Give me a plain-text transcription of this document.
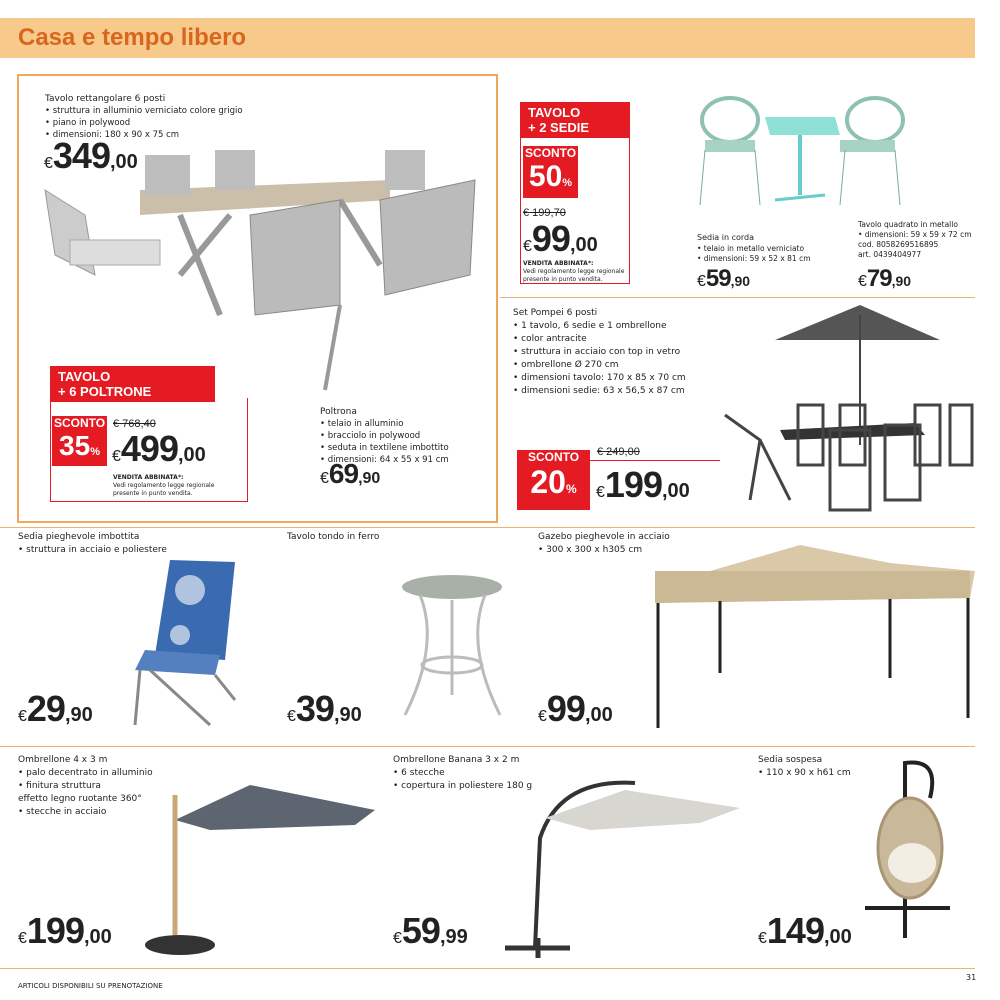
Casa e tempo libero
Tavolo rettangolare 6 posti
• struttura in alluminio verniciato colore grigio
• piano in polywood
• dimensioni: 180 x 90 x 75 cm
€349,00
TAVOLO
+ 6 POLTRONE
SCONTO
35%
€ 768,40
€499,00
VENDITA ABBINATA*:
Vedi regolamento legge regionale
presente in punto vendita.
Poltrona
• telaio in alluminio
• bracciolo in polywood
• seduta in textilene imbottito
• dimensioni: 64 x 55 x 91 cm
€69,90
TAVOLO
+ 2 SEDIE
SCONTO
50%
€ 199,70
€99,00
VENDITA ABBINATA*:
Vedi regolamento legge regionale
presente in punto vendita.
Sedia in corda
• telaio in metallo verniciato
• dimensioni: 59 x 52 x 81 cm
€59,90
Tavolo quadrato in metallo
• dimensioni: 59 x 59 x 72 cm
cod. 8058269516895
art. 0439404977
€79,90
Set Pompei 6 posti
• 1 tavolo, 6 sedie e 1 ombrellone
• color antracite
• struttura in acciaio con top in vetro
• ombrellone Ø 270 cm
• dimensioni tavolo: 170 x 85 x 70 cm
• dimensioni sedie: 63 x 56,5 x 87 cm
SCONTO
20%
€ 249,00
€199,00
Sedia pieghevole imbottita
• struttura in acciaio e poliestere
€29,90
Tavolo tondo in ferro
€39,90
Gazebo pieghevole in acciaio
• 300 x 300 x h305 cm
€99,00
Ombrellone 4 x 3 m
• palo decentrato in alluminio
• finitura struttura
effetto legno ruotante 360°
• stecche in acciaio
€199,00
Ombrellone Banana 3 x 2 m
• 6 stecche
• copertura in poliestere 180 g
€59,99
Sedia sospesa
• 110 x 90 x h61 cm
€149,00
ARTICOLI DISPONIBILI SU PRENOTAZIONE
31
